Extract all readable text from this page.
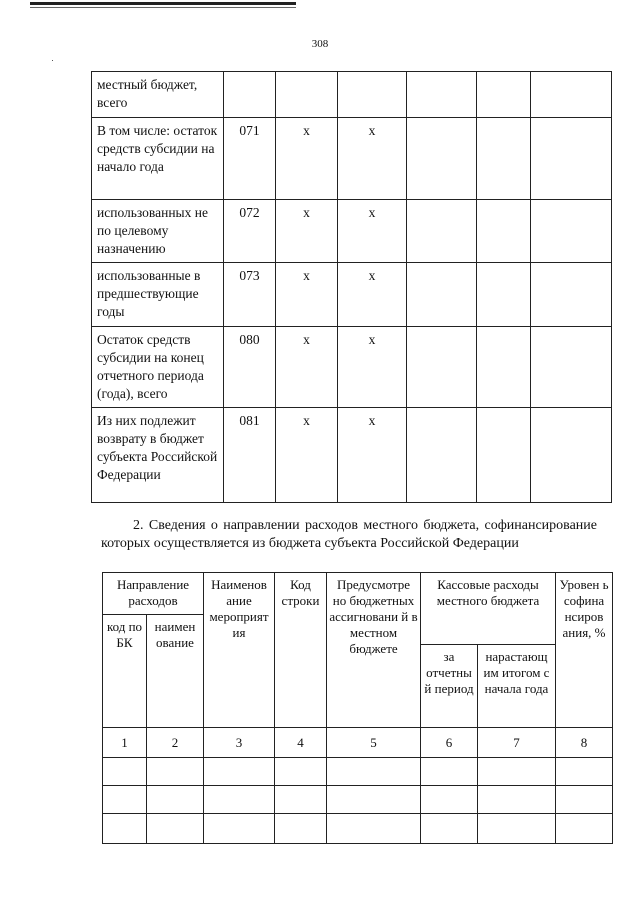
308
местный бюджет, всего						
В том числе: остаток средств субсидии на начало года	071	x	x			
использованных не по целевому назначению	072	x	x			
использованные в предшествующие годы	073	x	x			
Остаток средств субсидии на конец отчетного периода (года), всего	080	x	x			
Из них подлежит возврату в бюджет субъекта Российской Федерации	081	x	x			
2. Сведения о направлении расходов местного бюджета, софинансирование которых осуществляется из бюджета субъекта Российской Федерации
Направление расходов		Наименов ание мероприят ия	Код строки	Предусмотре но бюджетных ассигновани й в местном бюджете	Кассовые расходы местного бюджета		Уровен ь софина нсиров ания, %
код по БК	наимен ование						
					за отчетны й период	нарастающ им итогом с начала года	
1	2	3	4	5	6	7	8
